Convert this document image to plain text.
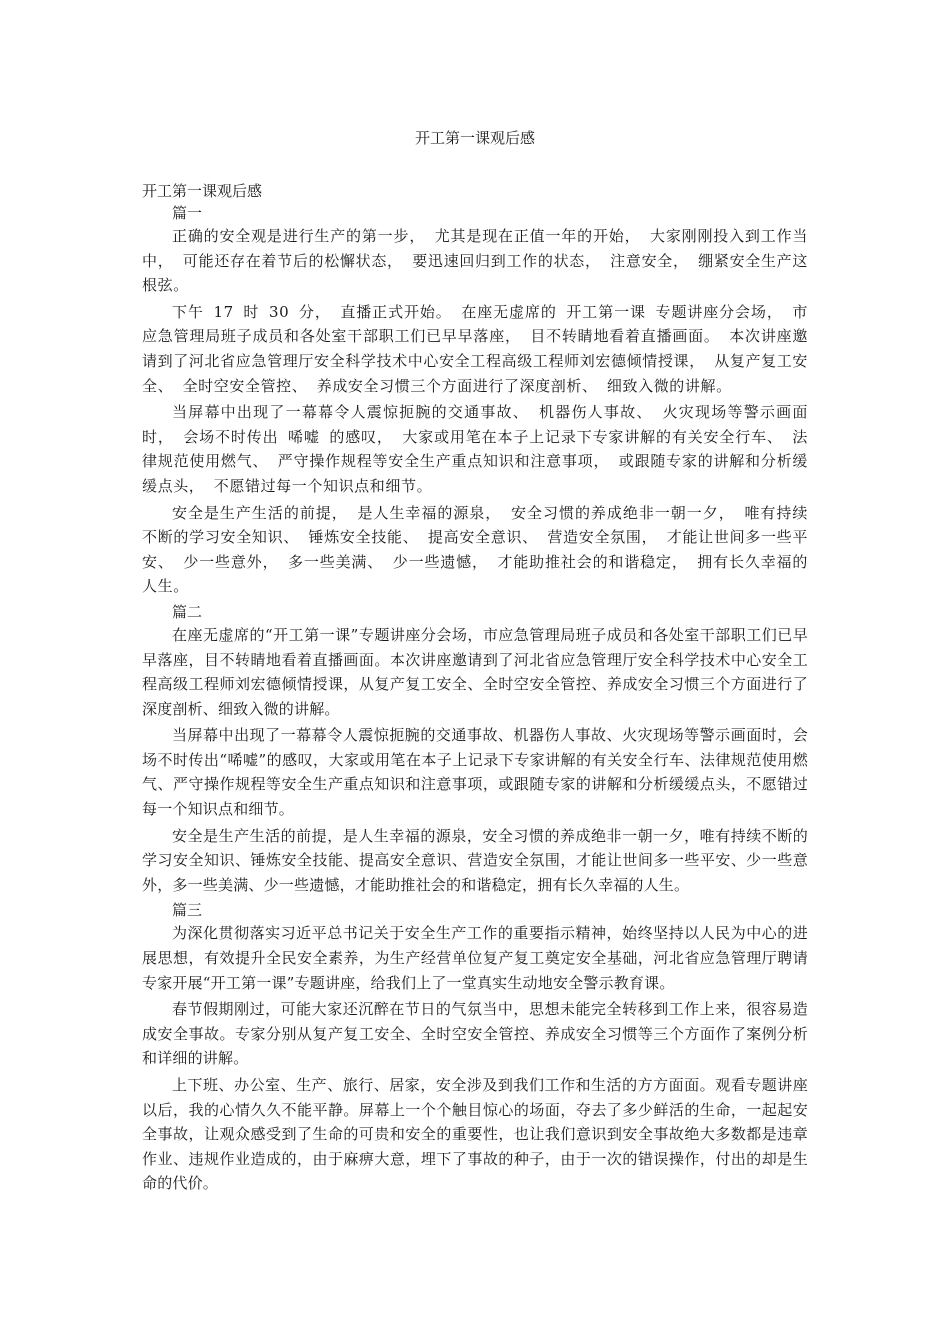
开工第一课观后感
开工第一课观后感
篇一

正确的安全观是进行生产的第一步， 尤其是现在正值一年的开始， 大家刚刚投入到工作当中， 可能还存在着节后的松懈状态， 要迅速回归到工作的状态， 注意安全， 绷紧安全生产这根弦。

下午 17 时 30 分， 直播正式开始。 在座无虚席的 开工第一课 专题讲座分会场， 市应急管理局班子成员和各处室干部职工们已早早落座， 目不转睛地看着直播画面。 本次讲座邀请到了河北省应急管理厅安全科学技术中心安全工程高级工程师刘宏德倾情授课， 从复产复工安全、 全时空安全管控、 养成安全习惯三个方面进行了深度剖析、 细致入微的讲解。

当屏幕中出现了一幕幕令人震惊扼腕的交通事故、 机器伤人事故、 火灾现场等警示画面时， 会场不时传出 唏嘘 的感叹， 大家或用笔在本子上记录下专家讲解的有关安全行车、 法律规范使用燃气、 严守操作规程等安全生产重点知识和注意事项， 或跟随专家的讲解和分析缓缓点头， 不愿错过每一个知识点和细节。

安全是生产生活的前提， 是人生幸福的源泉， 安全习惯的养成绝非一朝一夕， 唯有持续不断的学习安全知识、 锤炼安全技能、 提高安全意识、 营造安全氛围， 才能让世间多一些平安、 少一些意外， 多一些美满、 少一些遗憾， 才能助推社会的和谐稳定， 拥有长久幸福的人生。

篇二

在座无虚席的“开工第一课”专题讲座分会场，市应急管理局班子成员和各处室干部职工们已早早落座，目不转睛地看着直播画面。本次讲座邀请到了河北省应急管理厅安全科学技术中心安全工程高级工程师刘宏德倾情授课，从复产复工安全、全时空安全管控、养成安全习惯三个方面进行了深度剖析、细致入微的讲解。

当屏幕中出现了一幕幕令人震惊扼腕的交通事故、机器伤人事故、火灾现场等警示画面时，会场不时传出“唏嘘”的感叹，大家或用笔在本子上记录下专家讲解的有关安全行车、法律规范使用燃气、严守操作规程等安全生产重点知识和注意事项，或跟随专家的讲解和分析缓缓点头，不愿错过每一个知识点和细节。

安全是生产生活的前提，是人生幸福的源泉，安全习惯的养成绝非一朝一夕，唯有持续不断的学习安全知识、锤炼安全技能、提高安全意识、营造安全氛围，才能让世间多一些平安、少一些意外，多一些美满、少一些遗憾，才能助推社会的和谐稳定，拥有长久幸福的人生。

篇三

为深化贯彻落实习近平总书记关于安全生产工作的重要指示精神，始终坚持以人民为中心的进展思想，有效提升全民安全素养，为生产经营单位复产复工奠定安全基础，河北省应急管理厅聘请专家开展“开工第一课”专题讲座，给我们上了一堂真实生动地安全警示教育课。

春节假期刚过，可能大家还沉醉在节日的气氛当中，思想未能完全转移到工作上来，很容易造成安全事故。专家分别从复产复工安全、全时空安全管控、养成安全习惯等三个方面作了案例分析和详细的讲解。

上下班、办公室、生产、旅行、居家，安全涉及到我们工作和生活的方方面面。观看专题讲座以后，我的心情久久不能平静。屏幕上一个个触目惊心的场面，夺去了多少鲜活的生命，一起起安全事故，让观众感受到了生命的可贵和安全的重要性，也让我们意识到安全事故绝大多数都是违章作业、违规作业造成的，由于麻痹大意，埋下了事故的种子，由于一次的错误操作，付出的却是生命的代价。
